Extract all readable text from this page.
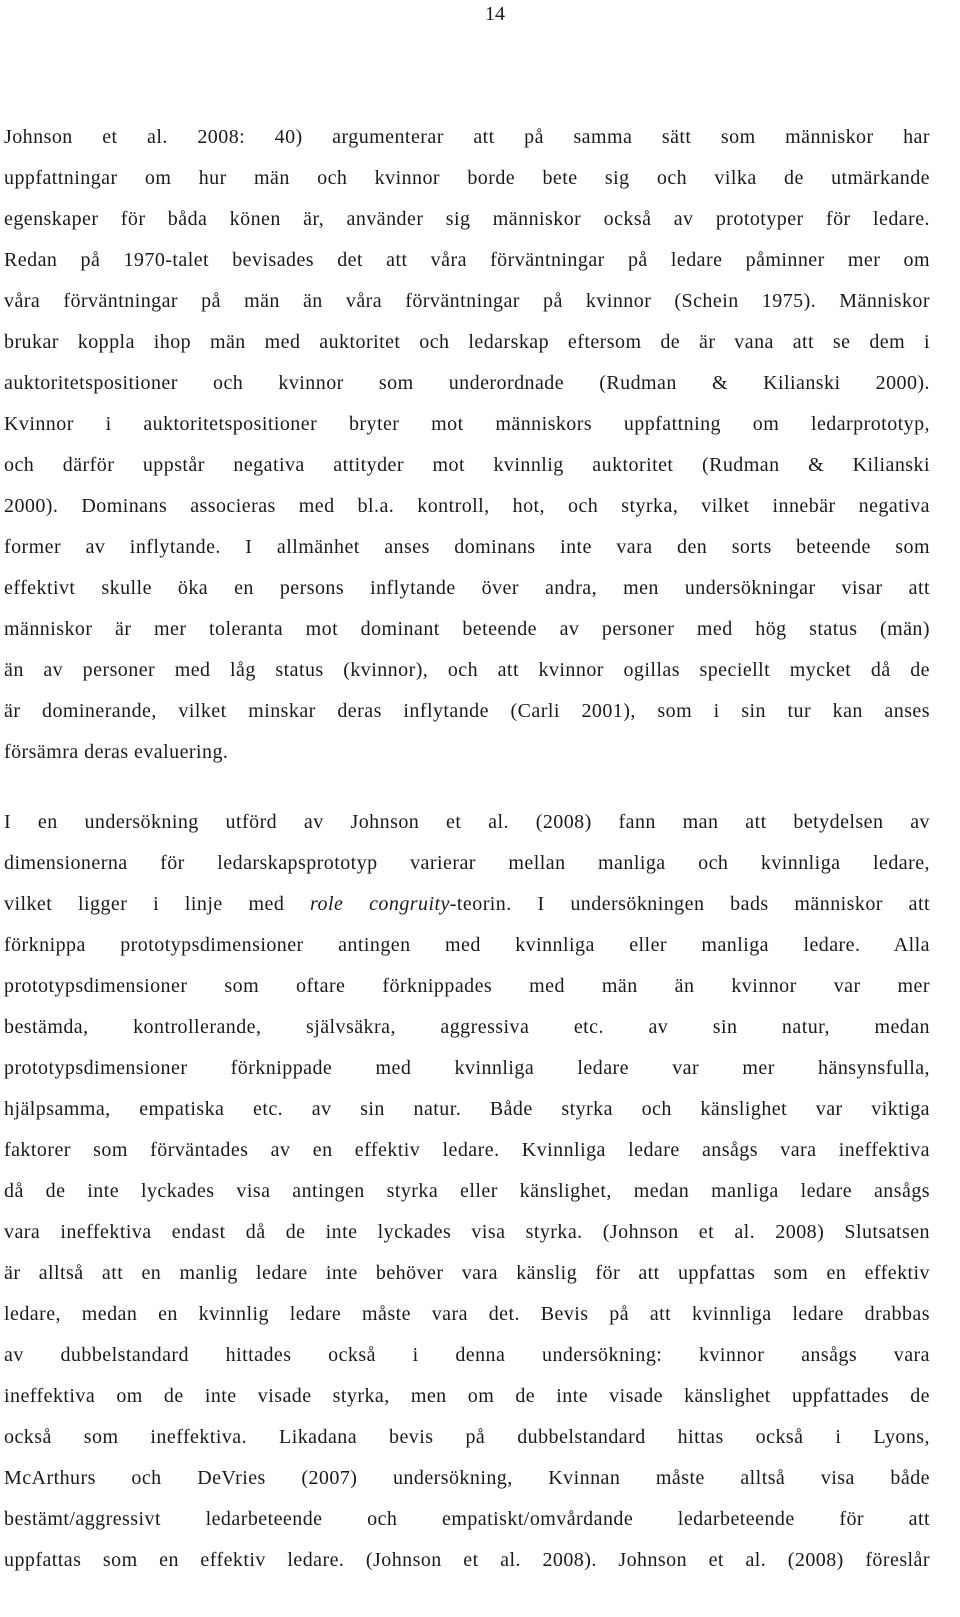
14
Johnson et al. 2008: 40) argumenterar att på samma sätt som människor har
uppfattningar om hur män och kvinnor borde bete sig och vilka de utmärkande
egenskaper för båda könen är, använder sig människor också av prototyper för ledare.
Redan på 1970-talet bevisades det att våra förväntningar på ledare påminner mer om
våra förväntningar på män än våra förväntningar på kvinnor (Schein 1975). Människor
brukar koppla ihop män med auktoritet och ledarskap eftersom de är vana att se dem i
auktoritetspositioner och kvinnor som underordnade (Rudman & Kilianski 2000).
Kvinnor i auktoritetspositioner bryter mot människors uppfattning om ledarprototyp,
och därför uppstår negativa attityder mot kvinnlig auktoritet (Rudman & Kilianski
2000). Dominans associeras med bl.a. kontroll, hot, och styrka, vilket innebär negativa
former av inflytande. I allmänhet anses dominans inte vara den sorts beteende som
effektivt skulle öka en persons inflytande över andra, men undersökningar visar att
människor är mer toleranta mot dominant beteende av personer med hög status (män)
än av personer med låg status (kvinnor), och att kvinnor ogillas speciellt mycket då de
är dominerande, vilket minskar deras inflytande (Carli 2001), som i sin tur kan anses
försämra deras evaluering.
I en undersökning utförd av Johnson et al. (2008) fann man att betydelsen av
dimensionerna för ledarskapsprototyp varierar mellan manliga och kvinnliga ledare,
vilket ligger i linje med role congruity-teorin. I undersökningen bads människor att
förknippa prototypsdimensioner antingen med kvinnliga eller manliga ledare. Alla
prototypsdimensioner som oftare förknippades med män än kvinnor var mer
bestämda, kontrollerande, självsäkra, aggressiva etc. av sin natur, medan
prototypsdimensioner förknippade med kvinnliga ledare var mer hänsynsfulla,
hjälpsamma, empatiska etc. av sin natur. Både styrka och känslighet var viktiga
faktorer som förväntades av en effektiv ledare. Kvinnliga ledare ansågs vara ineffektiva
då de inte lyckades visa antingen styrka eller känslighet, medan manliga ledare ansågs
vara ineffektiva endast då de inte lyckades visa styrka. (Johnson et al. 2008) Slutsatsen
är alltså att en manlig ledare inte behöver vara känslig för att uppfattas som en effektiv
ledare, medan en kvinnlig ledare måste vara det. Bevis på att kvinnliga ledare drabbas
av dubbelstandard hittades också i denna undersökning: kvinnor ansågs vara
ineffektiva om de inte visade styrka, men om de inte visade känslighet uppfattades de
också som ineffektiva. Likadana bevis på dubbelstandard hittas också i Lyons,
McArthurs och DeVries (2007) undersökning, Kvinnan måste alltså visa både
bestämt/aggressivt ledarbeteende och empatiskt/omvårdande ledarbeteende för att
uppfattas som en effektiv ledare. (Johnson et al. 2008). Johnson et al. (2008) föreslår
